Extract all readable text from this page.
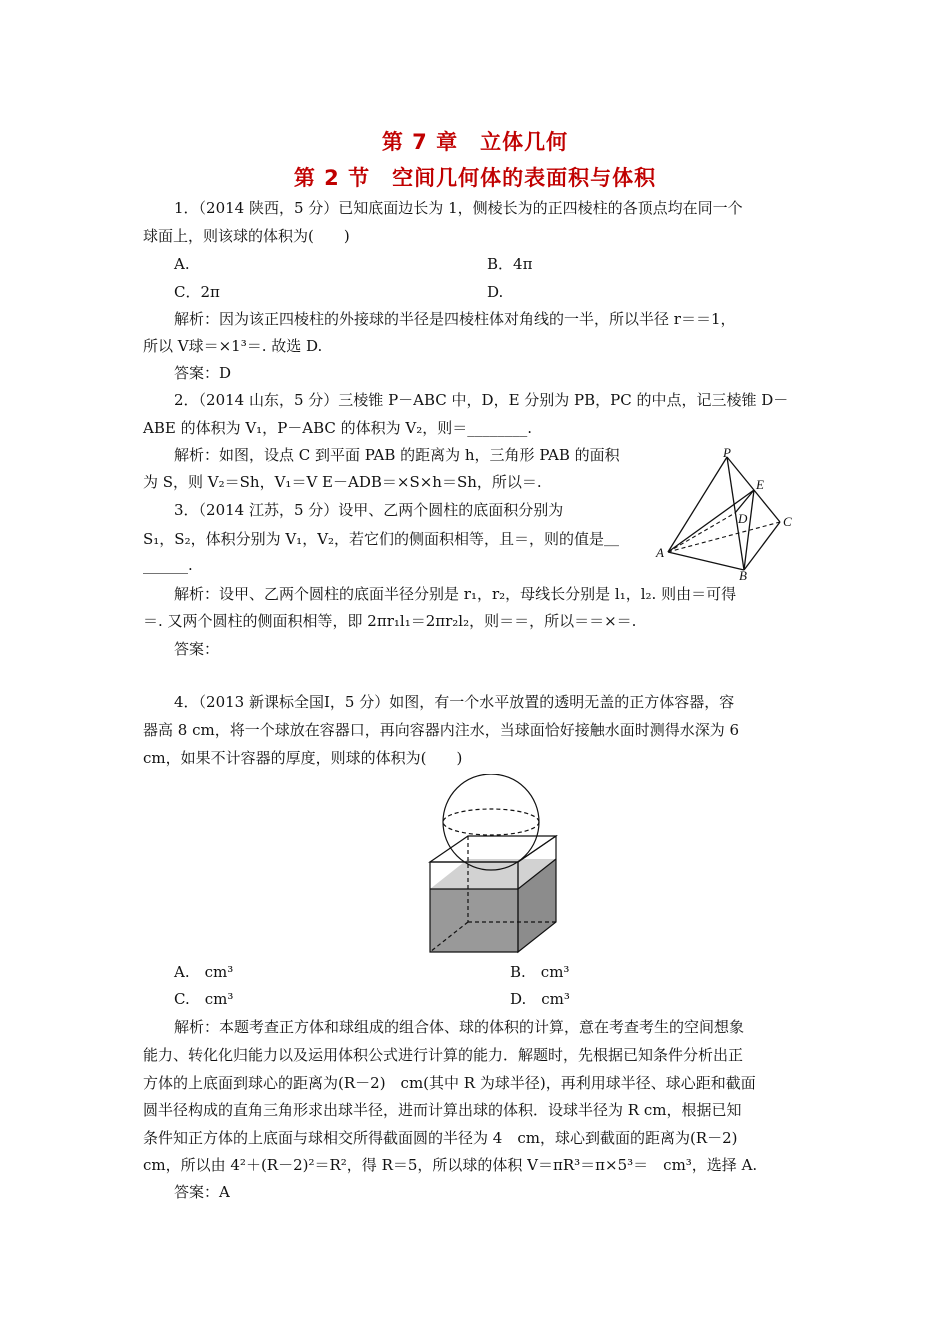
第 7 章　立体几何
第 2 节　空间几何体的表面积与体积
1．（2014 陕西，5 分）已知底面边长为 1，侧棱长为的正四棱柱的各顶点均在同一个
球面上，则该球的体积为(　　)
A.	B．4π
C．2π	D.
解析：因为该正四棱柱的外接球的半径是四棱柱体对角线的一半，所以半径 r＝＝1，
所以 V球＝×1³＝. 故选 D.
答案：D
2．（2014 山东，5 分）三棱锥 P－ABC 中，D，E 分别为 PB，PC 的中点，记三棱锥 D－
ABE 的体积为 V₁，P－ABC 的体积为 V₂，则＝________.
解析：如图，设点 C 到平面 PAB 的距离为 h，三角形 PAB 的面积
为 S，则 V₂＝Sh，V₁＝V E－ADB＝×S×h＝Sh，所以＝.
3．（2014 江苏，5 分）设甲、乙两个圆柱的底面积分别为
S₁，S₂，体积分别为 V₁，V₂，若它们的侧面积相等，且＝，则的值是＿
______.
解析：设甲、乙两个圆柱的底面半径分别是 r₁，r₂，母线长分别是 l₁，l₂. 则由＝可得
＝. 又两个圆柱的侧面积相等，即 2πr₁l₁＝2πr₂l₂，则＝＝，所以＝＝×＝.
答案：
P
E
D	C
A
B
4．（2013 新课标全国Ⅰ，5 分）如图，有一个水平放置的透明无盖的正方体容器，容
器高 8 cm，将一个球放在容器口，再向容器内注水，当球面恰好接触水面时测得水深为 6
cm，如果不计容器的厚度，则球的体积为(　　)
A.　cm³	B.　cm³
C.　cm³	D.　cm³
解析：本题考查正方体和球组成的组合体、球的体积的计算，意在考查考生的空间想象
能力、转化化归能力以及运用体积公式进行计算的能力．解题时，先根据已知条件分析出正
方体的上底面到球心的距离为(R－2)　cm(其中 R 为球半径)，再利用球半径、球心距和截面
圆半径构成的直角三角形求出球半径，进而计算出球的体积．设球半径为 R cm，根据已知
条件知正方体的上底面与球相交所得截面圆的半径为 4　cm，球心到截面的距离为(R－2)
cm，所以由 4²＋(R－2)²＝R²，得 R＝5，所以球的体积 V＝πR³＝π×5³＝　cm³，选择 A.
答案：A
